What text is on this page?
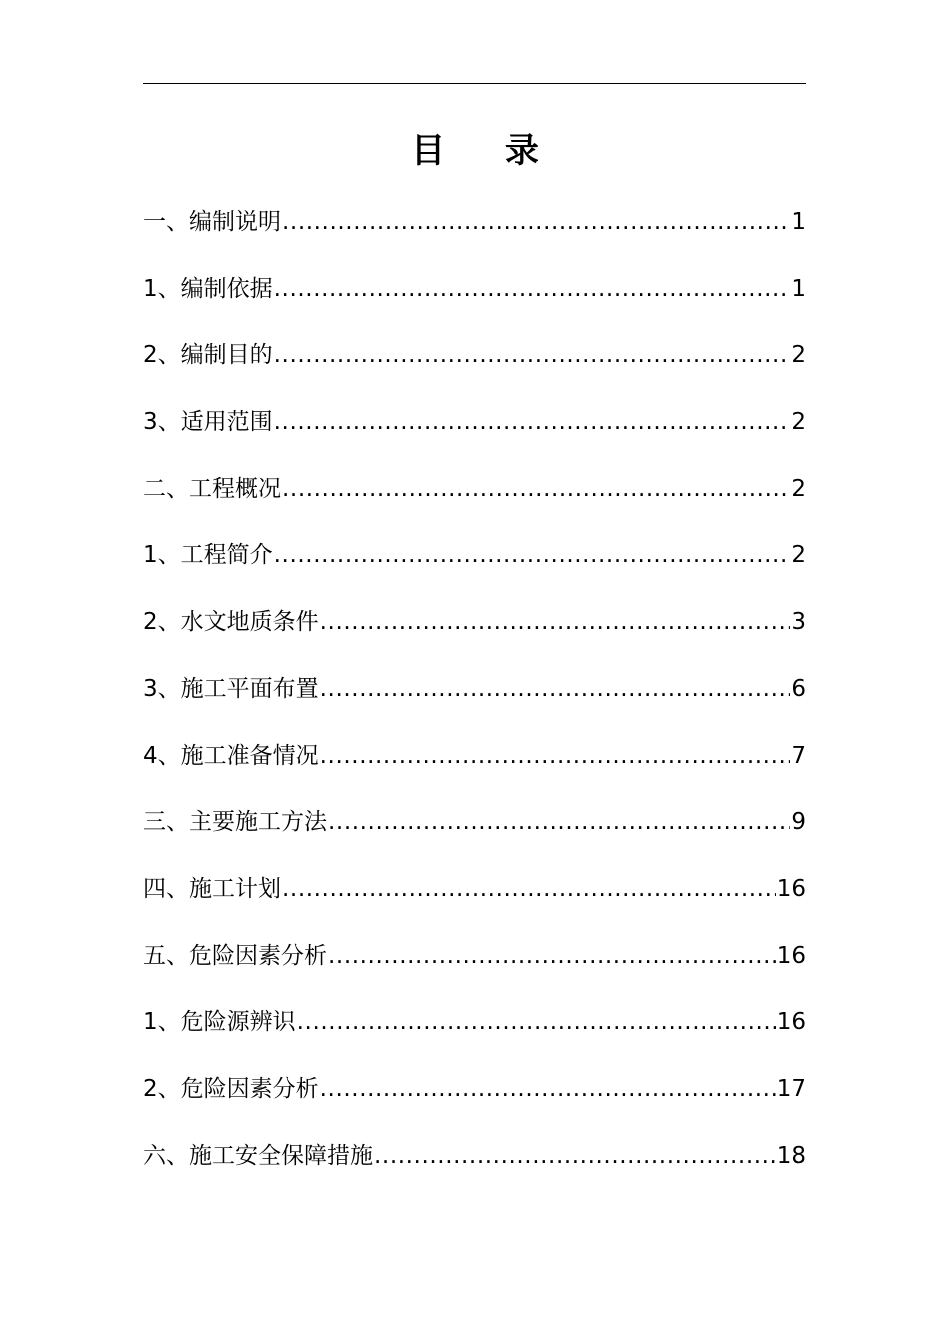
目 录
一、编制说明 .....	1
1、编制依据 .....	1
2、编制目的 .....	2
3、适用范围 .....	2
二、工程概况 .....	2
1、工程简介 .....	2
2、水文地质条件 .....	3
3、施工平面布置 .....	6
4、施工准备情况 .....	7
三、主要施工方法 .....	9
四、施工计划 .....	16
五、危险因素分析 .....	16
1、危险源辨识 .....	16
2、危险因素分析 .....	17
六、施工安全保障措施 .....	18
